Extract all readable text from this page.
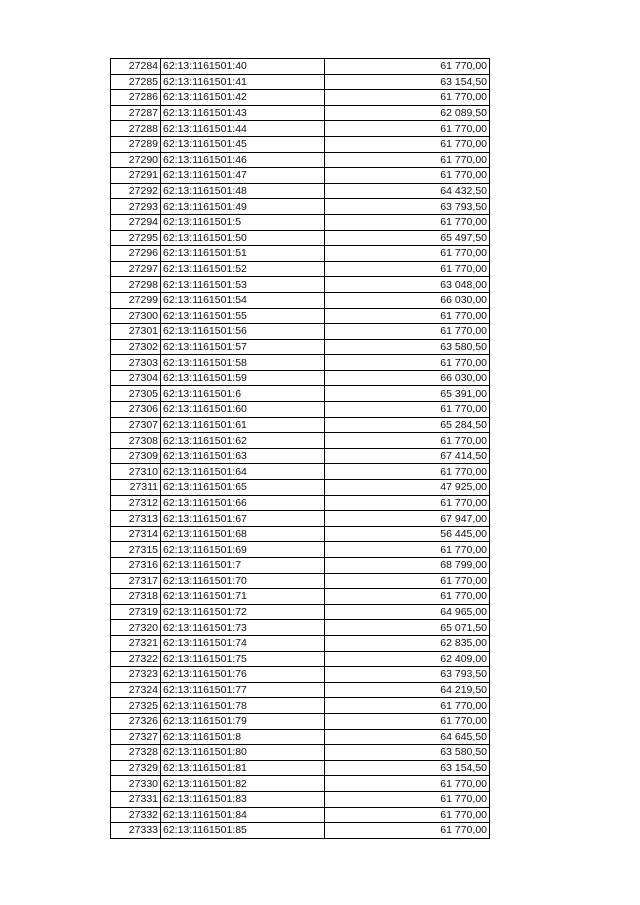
27284	62:13:1161501:40	61 770,00
27285	62:13:1161501:41	63 154,50
27286	62:13:1161501:42	61 770,00
27287	62:13:1161501:43	62 089,50
27288	62:13:1161501:44	61 770,00
27289	62:13:1161501:45	61 770,00
27290	62:13:1161501:46	61 770,00
27291	62:13:1161501:47	61 770,00
27292	62:13:1161501:48	64 432,50
27293	62:13:1161501:49	63 793,50
27294	62:13:1161501:5	61 770,00
27295	62:13:1161501:50	65 497,50
27296	62:13:1161501:51	61 770,00
27297	62:13:1161501:52	61 770,00
27298	62:13:1161501:53	63 048,00
27299	62:13:1161501:54	66 030,00
27300	62:13:1161501:55	61 770,00
27301	62:13:1161501:56	61 770,00
27302	62:13:1161501:57	63 580,50
27303	62:13:1161501:58	61 770,00
27304	62:13:1161501:59	66 030,00
27305	62:13:1161501:6	65 391,00
27306	62:13:1161501:60	61 770,00
27307	62:13:1161501:61	65 284,50
27308	62:13:1161501:62	61 770,00
27309	62:13:1161501:63	67 414,50
27310	62:13:1161501:64	61 770,00
27311	62:13:1161501:65	47 925,00
27312	62:13:1161501:66	61 770,00
27313	62:13:1161501:67	67 947,00
27314	62:13:1161501:68	56 445,00
27315	62:13:1161501:69	61 770,00
27316	62:13:1161501:7	68 799,00
27317	62:13:1161501:70	61 770,00
27318	62:13:1161501:71	61 770,00
27319	62:13:1161501:72	64 965,00
27320	62:13:1161501:73	65 071,50
27321	62:13:1161501:74	62 835,00
27322	62:13:1161501:75	62 409,00
27323	62:13:1161501:76	63 793,50
27324	62:13:1161501:77	64 219,50
27325	62:13:1161501:78	61 770,00
27326	62:13:1161501:79	61 770,00
27327	62:13:1161501:8	64 645,50
27328	62:13:1161501:80	63 580,50
27329	62:13:1161501:81	63 154,50
27330	62:13:1161501:82	61 770,00
27331	62:13:1161501:83	61 770,00
27332	62:13:1161501:84	61 770,00
27333	62:13:1161501:85	61 770,00
